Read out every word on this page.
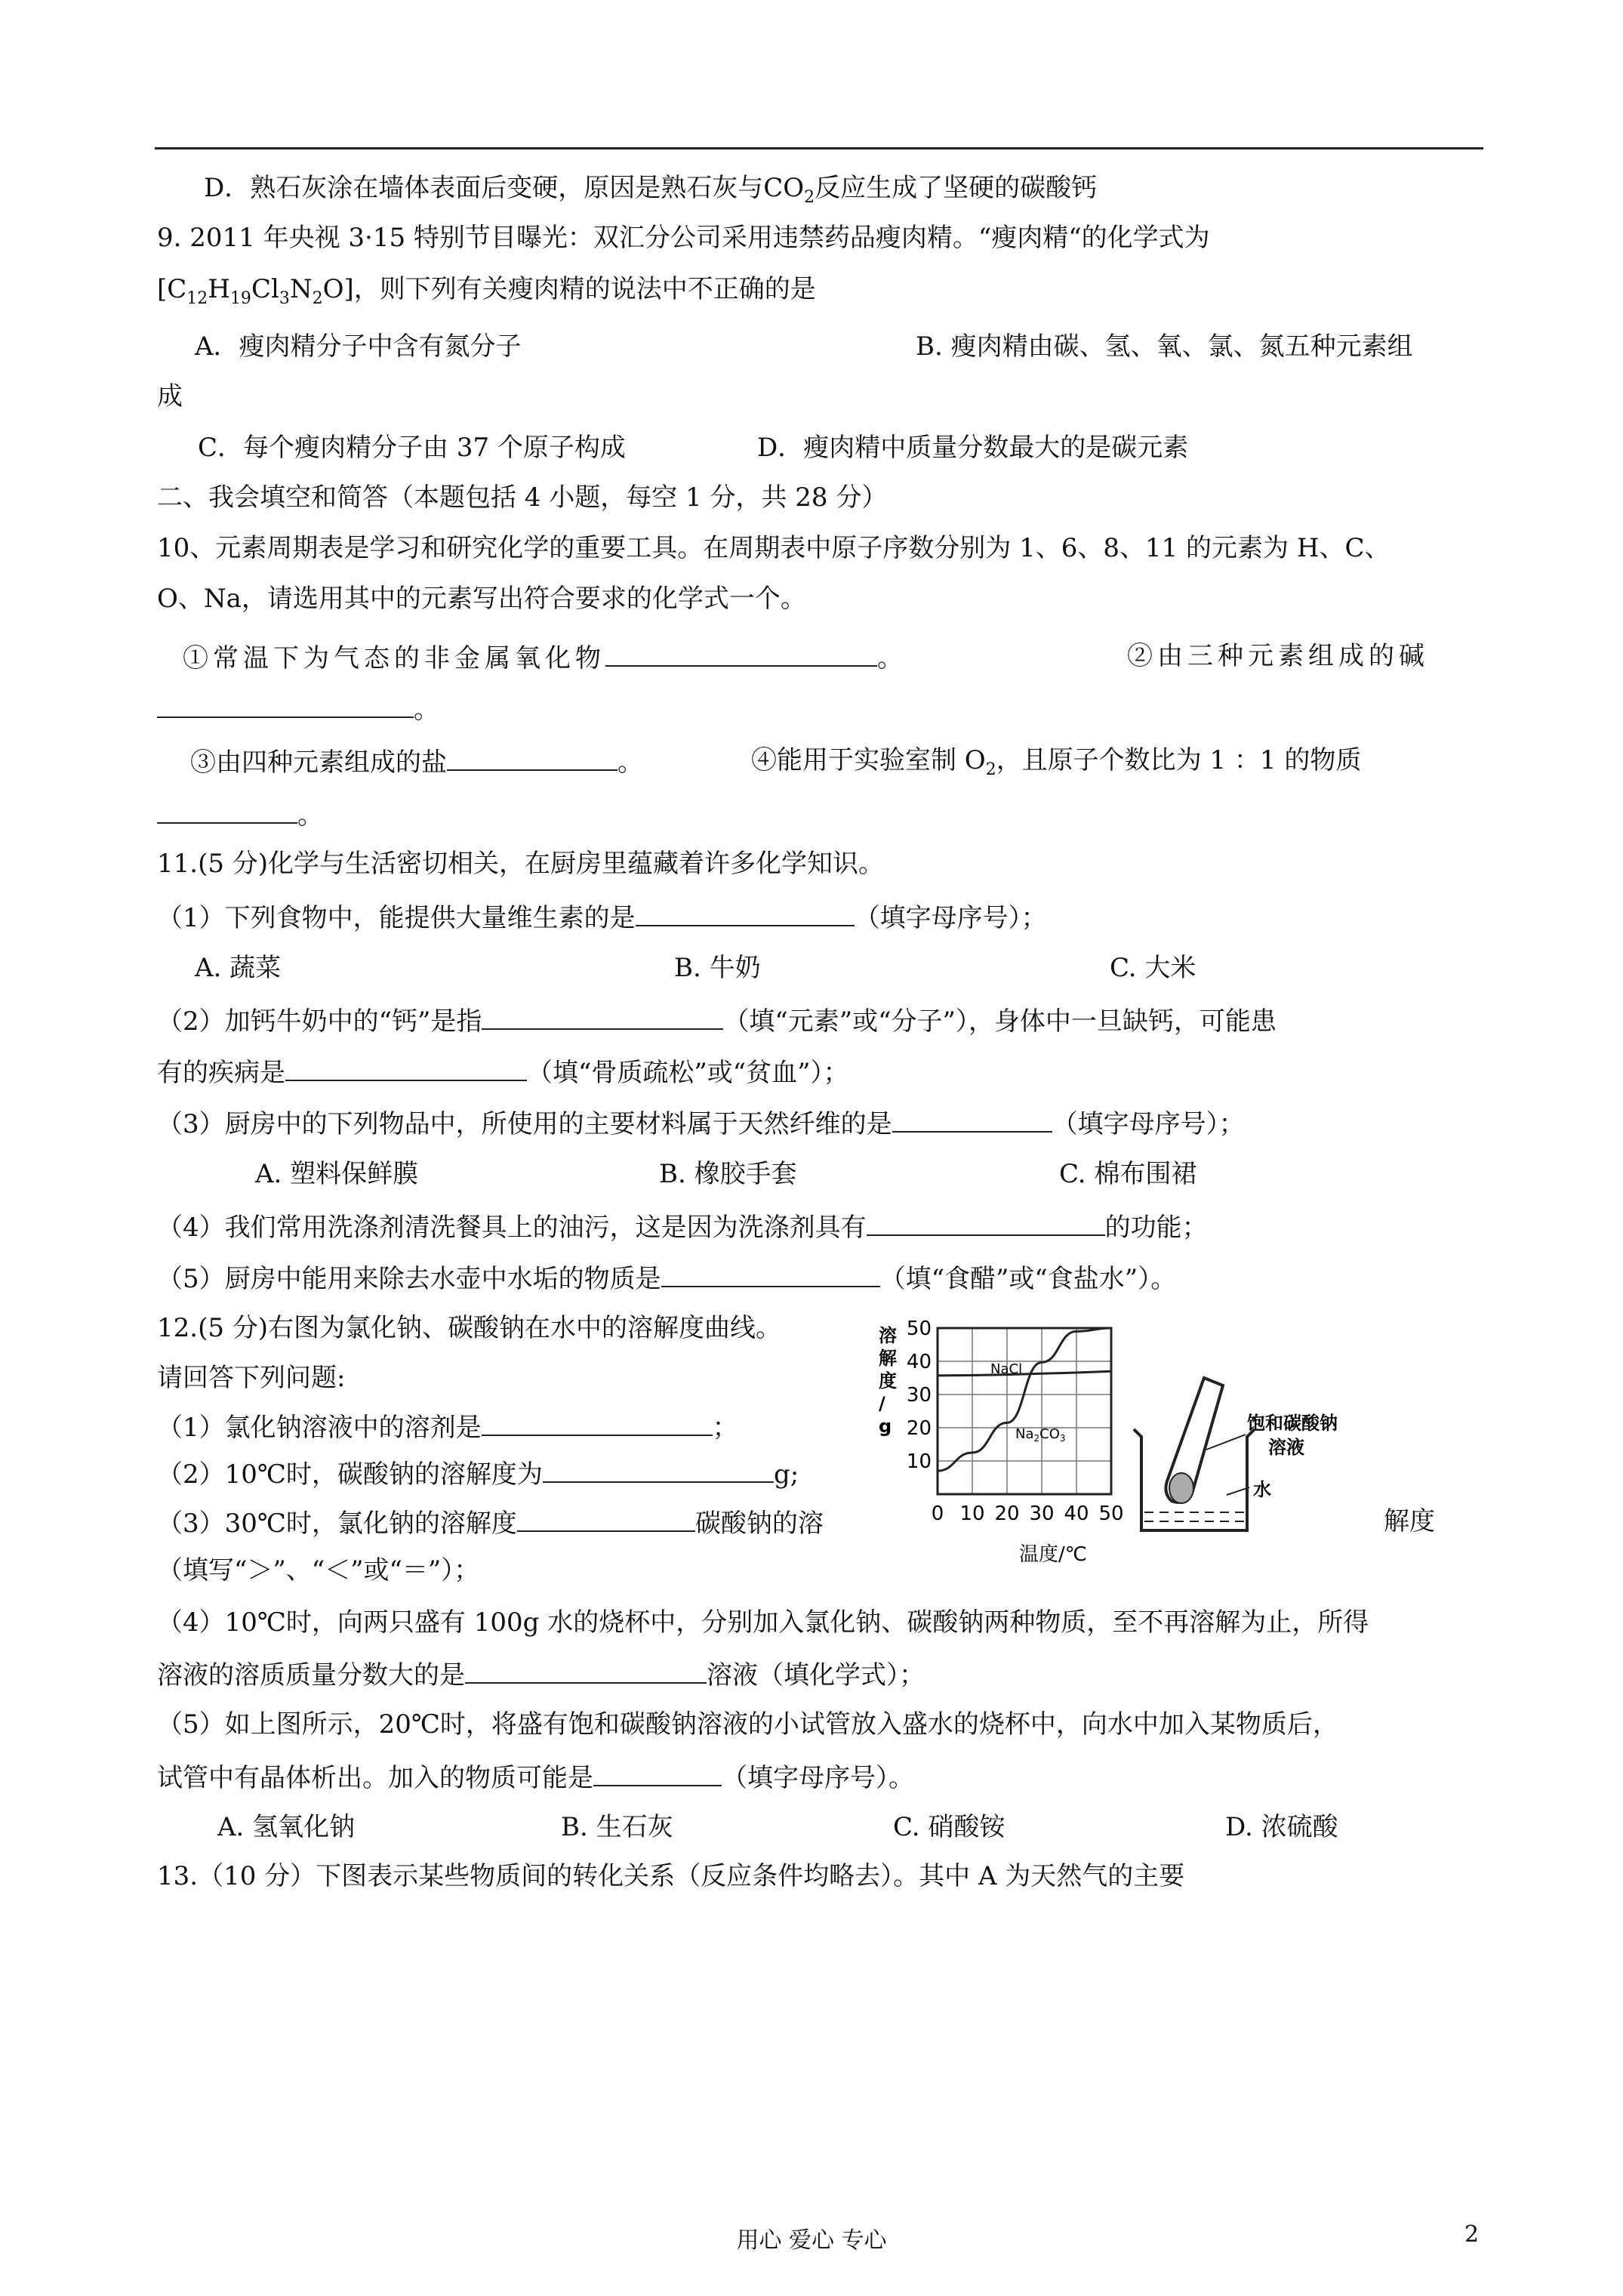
D．熟石灰涂在墙体表面后变硬，原因是熟石灰与$CO_2$反应生成了坚硬的碳酸钙
9. 2011 年央视 3·15 特别节目曝光：双汇分公司采用违禁药品瘦肉精。“瘦肉精“的化学式为
$[C_{12}H_{19}Cl_3N_2O]$，则下列有关瘦肉精的说法中不正确的是
A．瘦肉精分子中含有氮分子	B. 瘦肉精由碳、氢、氧、氯、氮五种元素组
成
C．每个瘦肉精分子由 37 个原子构成	D．瘦肉精中质量分数最大的是碳元素
二、我会填空和简答（本题包括 4 小题，每空 1 分，共 28 分）
10、元素周期表是学习和研究化学的重要工具。在周期表中原子序数分别为 1、6、8、11 的元素为 H、C、
O、Na，请选用其中的元素写出符合要求的化学式一个。
①常温下为气态的非金属氧化物	。	②由三种元素组成的碱
。
③由四种元素组成的盐	。	④能用于实验室制 $O_2$，且原子个数比为 1 ：1 的物质
。
11.(5 分)化学与生活密切相关，在厨房里蕴藏着许多化学知识。
（1）下列食物中，能提供大量维生素的是	（填字母序号）；
A. 蔬菜	B. 牛奶	C. 大米
（2）加钙牛奶中的“钙”是指	（填“元素”或“分子”），身体中一旦缺钙，可能患
有的疾病是	（填“骨质疏松”或“贫血”）；
（3）厨房中的下列物品中，所使用的主要材料属于天然纤维的是	（填字母序号）；
A. 塑料保鲜膜	B. 橡胶手套	C. 棉布围裙
（4）我们常用洗涤剂清洗餐具上的油污，这是因为洗涤剂具有	的功能；
（5）厨房中能用来除去水壶中水垢的物质是	（填“食醋”或“食盐水”）。
12.(5 分)右图为氯化钠、碳酸钠在水中的溶解度曲线。
请回答下列问题:
（1）氯化钠溶液中的溶剂是	；
（2）10℃时，碳酸钠的溶解度为	g;
（3）30℃时，氯化钠的溶解度	碳酸钠的溶	解度
（填写“＞”、“＜”或“＝”）；
（4）10℃时，向两只盛有 100g 水的烧杯中，分别加入氯化钠、碳酸钠两种物质，至不再溶解为止，所得
溶液的溶质质量分数大的是	溶液（填化学式）；
（5）如上图所示，20℃时，将盛有饱和碳酸钠溶液的小试管放入盛水的烧杯中，向水中加入某物质后，
试管中有晶体析出。加入的物质可能是	（填字母序号）。
A. 氢氧化钠	B. 生石灰	C. 硝酸铵	D. 浓硫酸
13.（10 分）下图表示某些物质间的转化关系（反应条件均略去）。其中 A 为天然气的主要
溶
解
度
/
g
10
20
30
40
50
0 10 20 30 40 50
温度/℃
NaCl
$Na_2CO_3$
饱和碳酸钠
溶液
水
用心 爱心 专心	2
